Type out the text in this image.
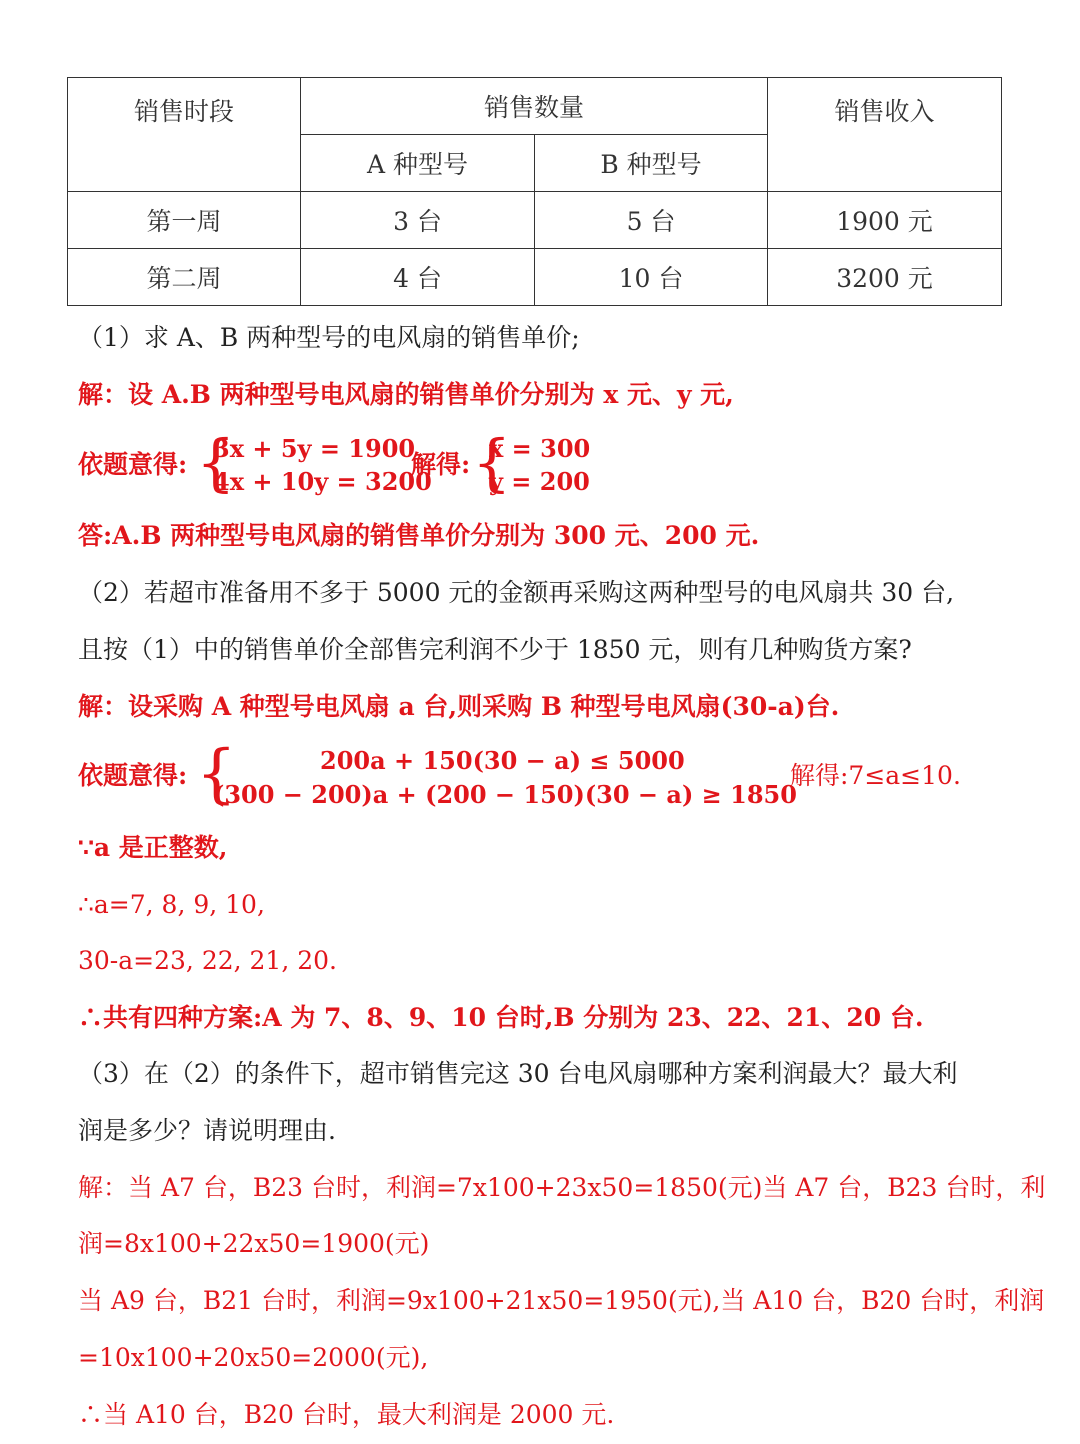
销售时段	销售数量		销售收入
	A 种型号	B 种型号	
第一周	3 台	5 台	1900 元
第二周	4 台	10 台	3200 元
（1）求 A、B 两种型号的电风扇的销售单价;
解：设 A.B 两种型号电风扇的销售单价分别为 x 元、y 元,
依题意得: {
3x + 5y = 1900
4x + 10y = 3200
解得: {
x = 300
y = 200
答:A.B 两种型号电风扇的销售单价分别为 300 元、200 元.
（2）若超市准备用不多于 5000 元的金额再采购这两种型号的电风扇共 30 台,
且按（1）中的销售单价全部售完利润不少于 1850 元，则有几种购货方案?
解：设采购 A 种型号电风扇 a 台,则采购 B 种型号电风扇(30-a)台.
依题意得: {	200a + 150(30 − a) ≤ 5000
(300 − 200)a + (200 − 150)(30 − a) ≥ 1850
解得:7≤a≤10.
∵a 是正整数,
∴a=7, 8, 9, 10,
30-a=23, 22, 21, 20.
∴共有四种方案:A 为 7、8、9、10 台时,B 分别为 23、22、21、20 台.
（3）在（2）的条件下，超市销售完这 30 台电风扇哪种方案利润最大？最大利
润是多少？请说明理由.
解：当 A7 台，B23 台时，利润=7x100+23x50=1850(元)当 A7 台，B23 台时，利
润=8x100+22x50=1900(元)
当 A9 台，B21 台时，利润=9x100+21x50=1950(元),当 A10 台，B20 台时，利润
=10x100+20x50=2000(元),
∴当 A10 台，B20 台时，最大利润是 2000 元.
